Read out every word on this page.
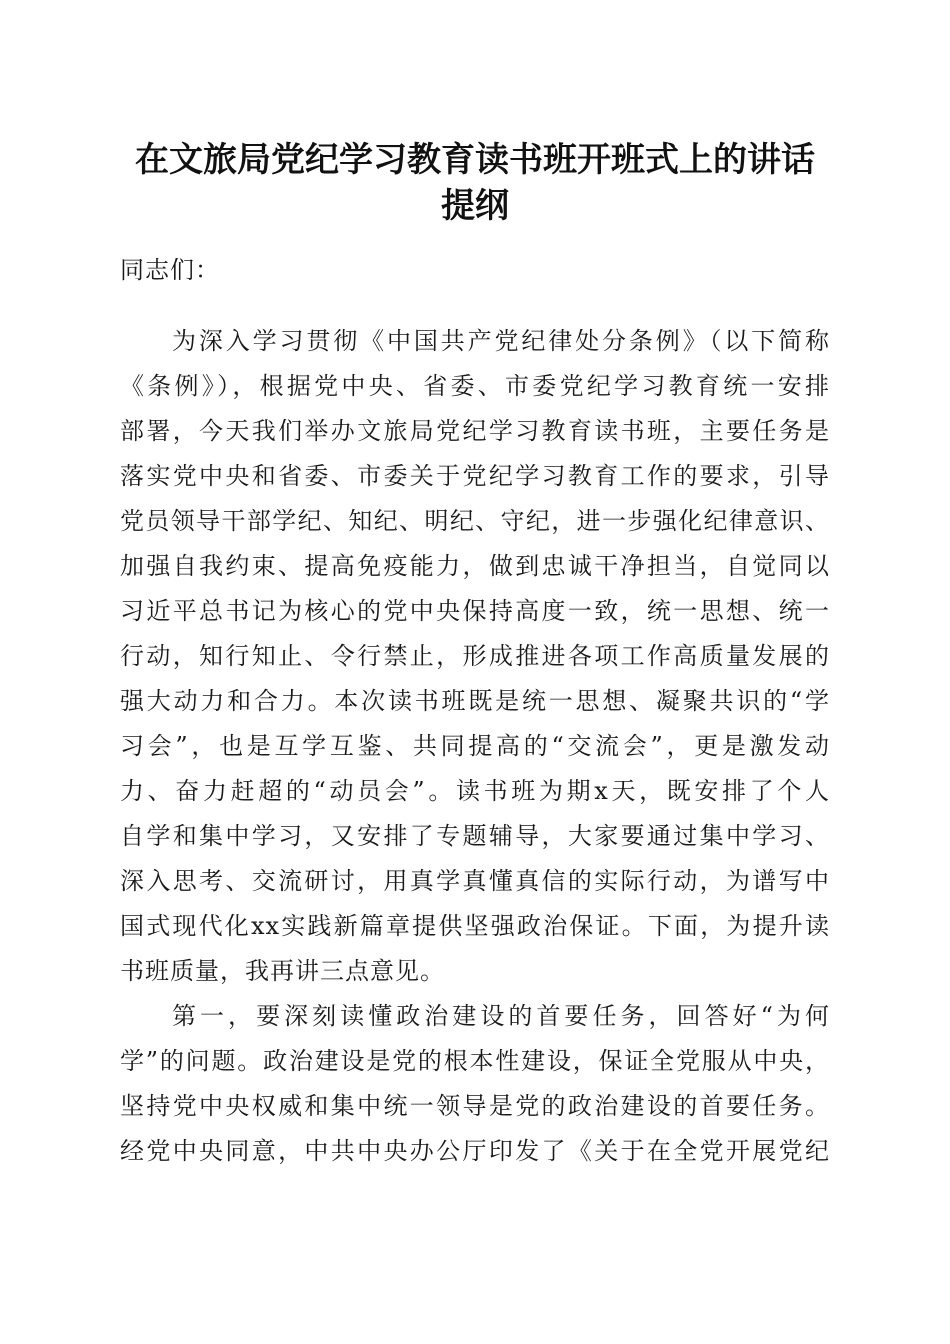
在文旅局党纪学习教育读书班开班式上的讲话
提纲
同志们：
为深入学习贯彻《中国共产党纪律处分条例》（以下简称
《条例》），根据党中央、省委、市委党纪学习教育统一安排
部署，今天我们举办文旅局党纪学习教育读书班，主要任务是
落实党中央和省委、市委关于党纪学习教育工作的要求，引导
党员领导干部学纪、知纪、明纪、守纪，进一步强化纪律意识、
加强自我约束、提高免疫能力，做到忠诚干净担当，自觉同以
习近平总书记为核心的党中央保持高度一致，统一思想、统一
行动，知行知止、令行禁止，形成推进各项工作高质量发展的
强大动力和合力。本次读书班既是统一思想、凝聚共识的“学
习会”，也是互学互鉴、共同提高的“交流会”，更是激发动
力、奋力赶超的“动员会”。读书班为期x天，既安排了个人
自学和集中学习，又安排了专题辅导，大家要通过集中学习、
深入思考、交流研讨，用真学真懂真信的实际行动，为谱写中
国式现代化xx实践新篇章提供坚强政治保证。下面，为提升读
书班质量，我再讲三点意见。
第一，要深刻读懂政治建设的首要任务，回答好“为何
学”的问题。政治建设是党的根本性建设，保证全党服从中央，
坚持党中央权威和集中统一领导是党的政治建设的首要任务。
经党中央同意，中共中央办公厅印发了《关于在全党开展党纪
